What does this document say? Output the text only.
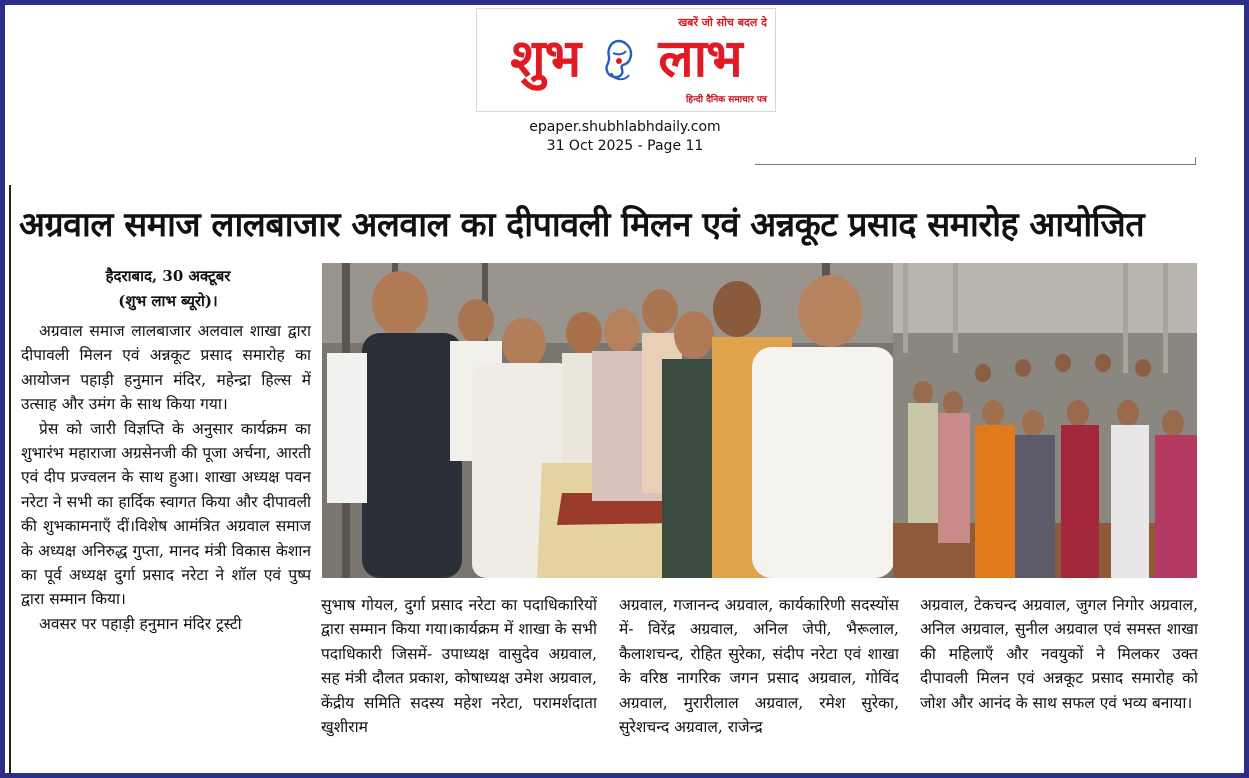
खबरें जो सोच बदल दे
शुभ लाभ
हिन्दी दैनिक समाचार पत्र
epaper.shubhlabhdaily.com
31 Oct 2025 - Page 11
अग्रवाल समाज लालबाजार अलवाल का दीपावली मिलन एवं अन्नकूट प्रसाद समारोह आयोजित
हैदराबाद, 30 अक्टूबर
(शुभ लाभ ब्यूरो)।

अग्रवाल समाज लालबाजार अलवाल शाखा द्वारा दीपावली मिलन एवं अन्नकूट प्रसाद समारोह का आयोजन पहाड़ी हनुमान मंदिर, महेन्द्रा हिल्स में उत्साह और उमंग के साथ किया गया।

प्रेस को जारी विज्ञप्ति के अनुसार कार्यक्रम का शुभारंभ महाराजा अग्रसेनजी की पूजा अर्चना, आरती एवं दीप प्रज्वलन के साथ हुआ। शाखा अध्यक्ष पवन नरेटा ने सभी का हार्दिक स्वागत किया और दीपावली की शुभकामनाएँ दीं।विशेष आमंत्रित अग्रवाल समाज के अध्यक्ष अनिरुद्ध गुप्ता, मानद मंत्री विकास केशान का पूर्व अध्यक्ष दुर्गा प्रसाद नरेटा ने शॉल एवं पुष्प द्वारा सम्मान किया।

अवसर पर पहाड़ी हनुमान मंदिर ट्रस्टी

सुभाष गोयल, दुर्गा प्रसाद नरेटा का पदाधिकारियों द्वारा सम्मान किया गया।कार्यक्रम में शाखा के सभी पदाधिकारी जिसमें- उपाध्यक्ष वासुदेव अग्रवाल, सह मंत्री दौलत प्रकाश, कोषाध्यक्ष उमेश अग्रवाल, केंद्रीय समिति सदस्य महेश नरेटा, परामर्शदाता खुशीराम

अग्रवाल, गजानन्द अग्रवाल, कार्यकारिणी सदस्योंस में- विरेंद्र अग्रवाल, अनिल जेपी, भैरूलाल, कैलाशचन्द, रोहित सुरेका, संदीप नरेटा एवं शाखा के वरिष्ठ नागरिक जगन प्रसाद अग्रवाल, गोविंद अग्रवाल, मुरारीलाल अग्रवाल, रमेश सुरेका, सुरेशचन्द अग्रवाल, राजेन्द्र

अग्रवाल, टेकचन्द अग्रवाल, जुगल निगोर अग्रवाल, अनिल अग्रवाल, सुनील अग्रवाल एवं समस्त शाखा की महिलाएँ और नवयुकों ने मिलकर उक्त दीपावली मिलन एवं अन्नकूट प्रसाद समारोह को जोश और आनंद के साथ सफल एवं भव्य बनाया।
